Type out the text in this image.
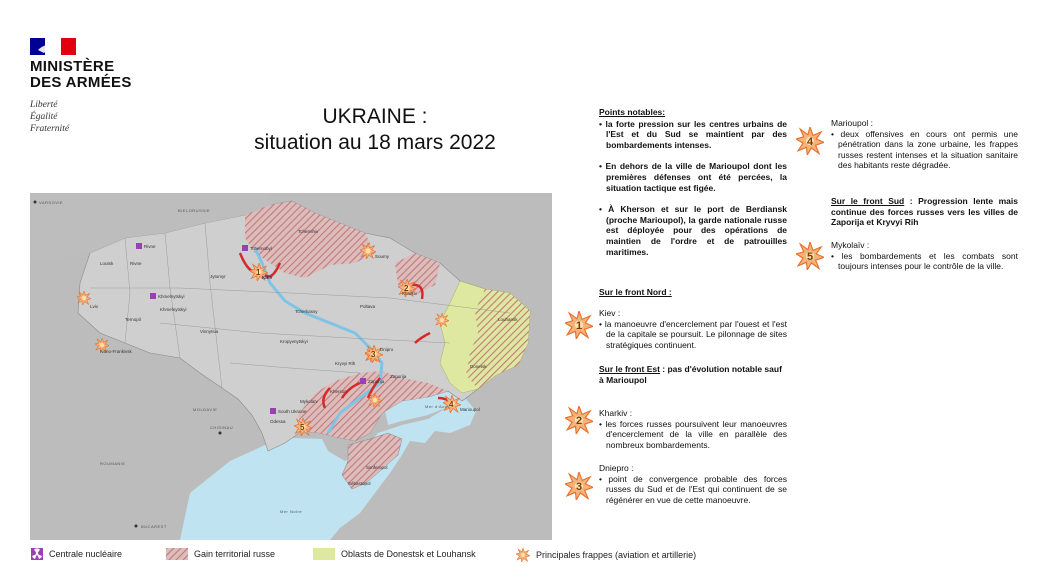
MINISTÈRE
DES ARMÉES
Liberté
Égalité
Fraternité
UKRAINE :
situation au 18 mars 2022
1
2
3
4
5
VARSOVIE
BIELORUSSIE
MOLDAVIE
CHISINAU
ROUMANIE
BUCAREST
Mer Noire
Mer d'Azov
Rivne
Khmelnytskyi
Tchernobyl
South Ukraine
Zaporija
KIEV
Kharkiv
Dnipro
Marioupol
Odessa
Kherson
Zaporija
Lviv
Kryvyi Rih
Poltava
Tchernihiv
Soumy
Vinnytsia
Jytomyr
Mykolaïv
Rivne
Loutsk
Ternopil
Khmelnytskyi	Tcherkassy
Kropyvnytskyi
Donetsk
Louhansk
Sébastopol
Simferopol
Ivano-Frankivsk
Points notables:
• la forte pression sur les centres urbains de l'Est et du Sud se maintient par des bombardements intenses.
• En dehors de la ville de Marioupol dont les premières défenses ont été percées, la situation tactique est figée.
• À Kherson et sur le port de Berdiansk (proche Marioupol), la garde nationale russe est déployée pour des opérations de maintien de l'ordre et de patrouilles maritimes.
Sur le front Nord :
1
Kiev :
• la manoeuvre d'encerclement par l'ouest et l'est de la capitale se poursuit. Le pilonnage de sites stratégiques continuent.
Sur le front Est : pas d'évolution notable sauf à Marioupol
2
Kharkiv :
• les forces russes poursuivent leur manoeuvres d'encerclement de la ville en parallèle des nombreux bombardements.
3
Dniepro :
• point de convergence probable des forces russes du Sud et de l'Est qui continuent de se régénérer en vue de cette manoeuvre.
4
Marioupol :
• deux offensives en cours ont permis une pénétration dans la zone urbaine, les frappes russes restent intenses et la situation sanitaire des habitants reste dégradée.
Sur le front Sud : Progression lente mais continue des forces russes vers les villes de Zaporija et Kryvyi Rih
5
Mykolaïv :
• les bombardements et les combats sont toujours intenses pour le contrôle de la ville.
Centrale nucléaire	Gain territorial russe	Oblasts de Donestsk et Louhansk	Principales frappes (aviation et artillerie)
